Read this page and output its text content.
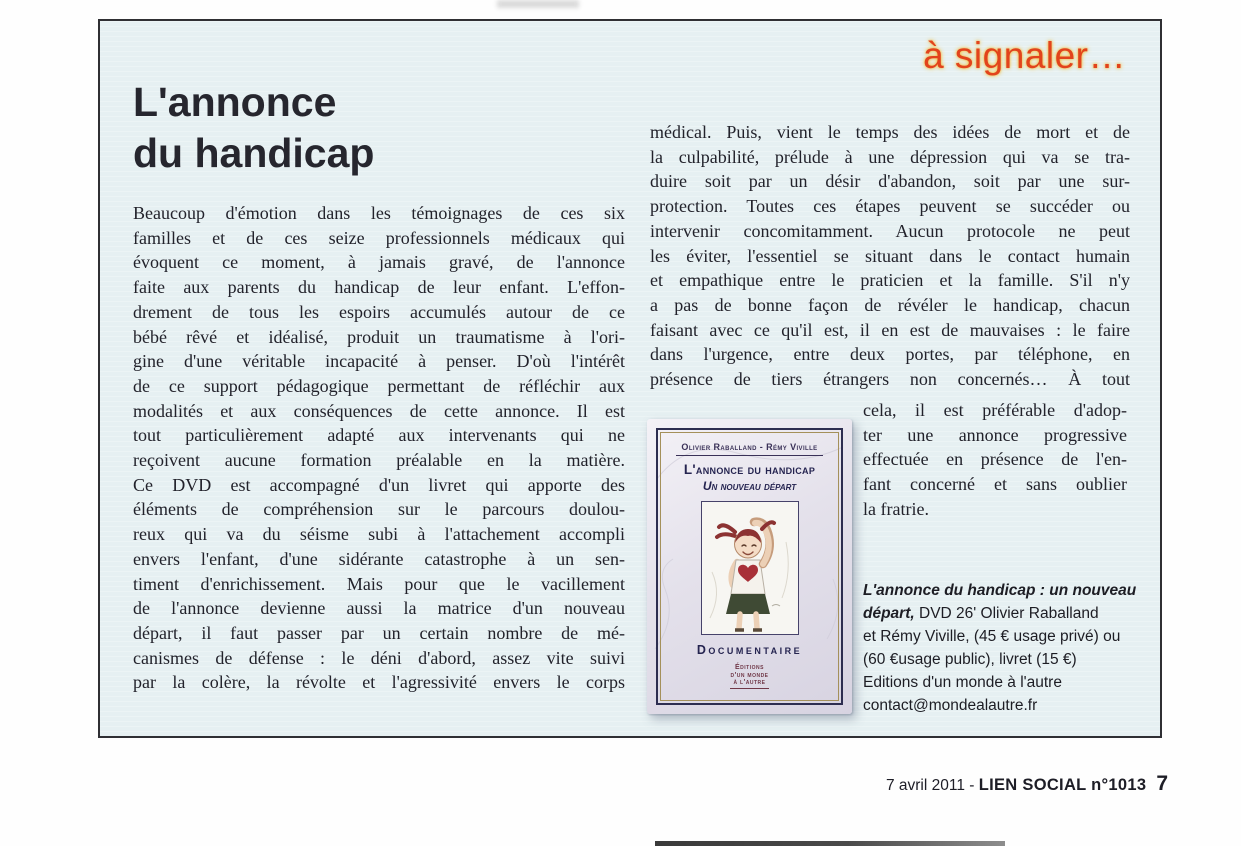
à signaler…
L'annonce
du handicap
Beaucoup d'émotion dans les témoignages de ces six
familles et de ces seize professionnels médicaux qui
évoquent ce moment, à jamais gravé, de l'annonce
faite aux parents du handicap de leur enfant. L'effon-
drement de tous les espoirs accumulés autour de ce
bébé rêvé et idéalisé, produit un traumatisme à l'ori-
gine d'une véritable incapacité à penser. D'où l'intérêt
de ce support pédagogique permettant de réfléchir aux
modalités et aux conséquences de cette annonce. Il est
tout particulièrement adapté aux intervenants qui ne
reçoivent aucune formation préalable en la matière.
Ce DVD est accompagné d'un livret qui apporte des
éléments de compréhension sur le parcours doulou-
reux qui va du séisme subi à l'attachement accompli
envers l'enfant, d'une sidérante catastrophe à un sen-
timent d'enrichissement. Mais pour que le vacillement
de l'annonce devienne aussi la matrice d'un nouveau
départ, il faut passer par un certain nombre de mé-
canismes de défense : le déni d'abord, assez vite suivi
par la colère, la révolte et l'agressivité envers le corps
médical. Puis, vient le temps des idées de mort et de
la culpabilité, prélude à une dépression qui va se tra-
duire soit par un désir d'abandon, soit par une sur-
protection. Toutes ces étapes peuvent se succéder ou
intervenir concomitamment. Aucun protocole ne peut
les éviter, l'essentiel se situant dans le contact humain
et empathique entre le praticien et la famille. S'il n'y
a pas de bonne façon de révéler le handicap, chacun
faisant avec ce qu'il est, il en est de mauvaises : le faire
dans l'urgence, entre deux portes, par téléphone, en
présence de tiers étrangers non concernés… À tout
cela, il est préférable d'adop-
ter une annonce progressive
effectuée en présence de l'en-
fant concerné et sans oublier
la fratrie.
Olivier Raballand - Rémy Viville
L'annonce du handicap
Un nouveau départ
Documentaire
Éditions
d'un monde
à l'autre
L'annonce du handicap : un nouveau
départ, DVD 26' Olivier Raballand
et Rémy Viville, (45 € usage privé) ou
(60 €usage public), livret (15 €)
Editions d'un monde à l'autre
contact@mondealautre.fr
7 avril 2011 - LIEN SOCIAL n°1013 7
